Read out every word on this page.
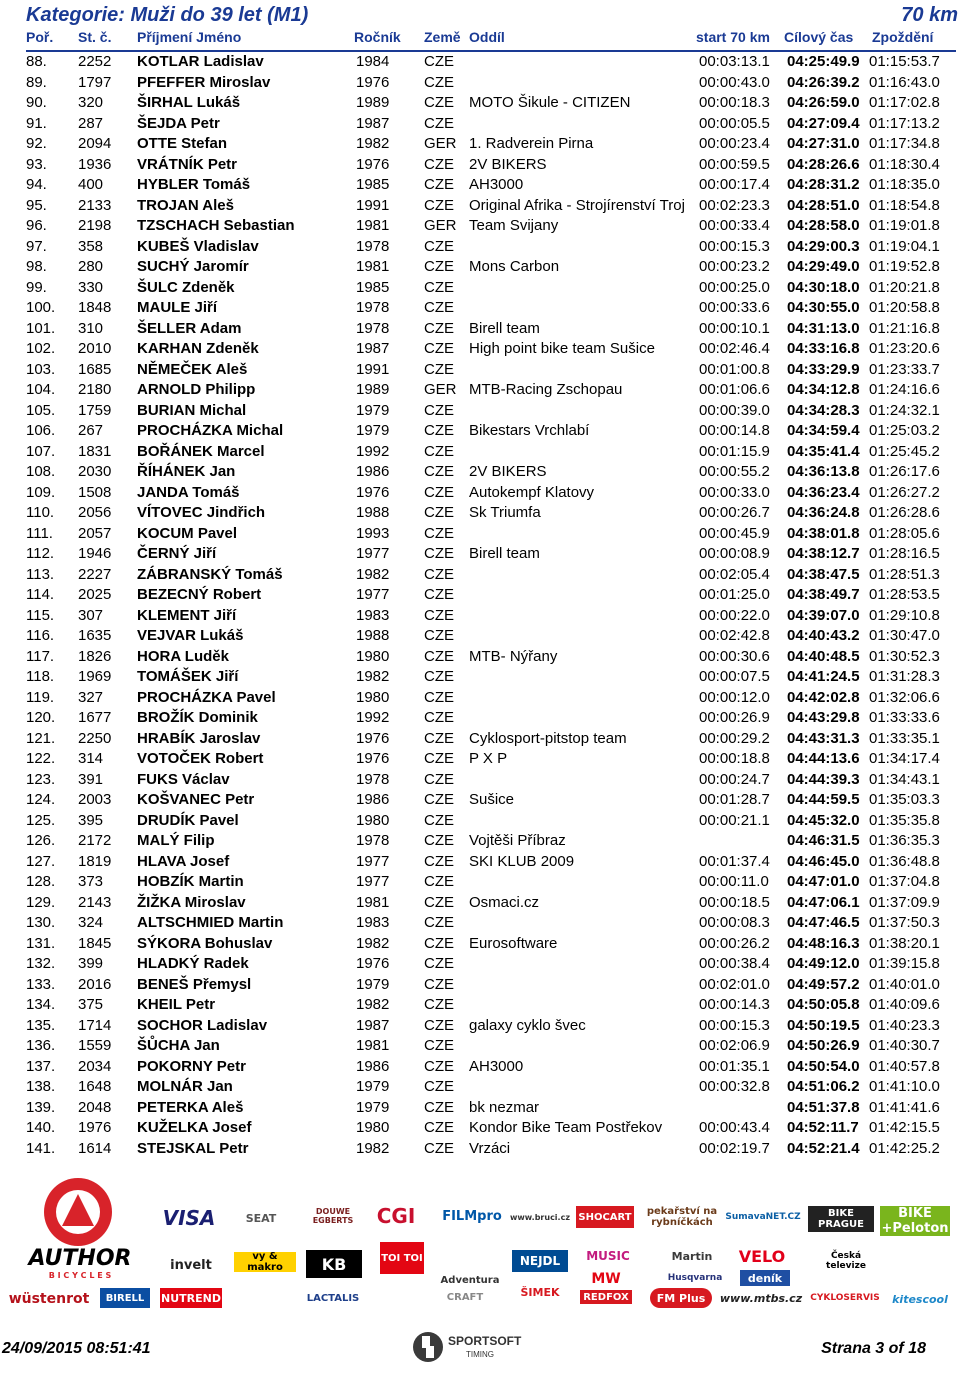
Kategorie: Muži do 39 let (M1)	70 km
Poř. St. č. Příjmení Jméno	Ročník Země Oddíl	start 70 km Cílový čas Zpoždění
88. 2252 KOTLAR Ladislav	1984 CZE	00:03:13.1 04:25:49.9 01:15:53.7
89. 1797 PFEFFER Miroslav	1976 CZE	00:00:43.0 04:26:39.2 01:16:43.0
90. 320 ŠIRHAL Lukáš	1989 CZE MOTO Šikule - CITIZEN	00:00:18.3 04:26:59.0 01:17:02.8
91. 287 ŠEJDA Petr	1987 CZE	00:00:05.5 04:27:09.4 01:17:13.2
92. 2094 OTTE Stefan	1982 GER 1. Radverein Pirna	00:00:23.4 04:27:31.0 01:17:34.8
93. 1936 VRÁTNÍK Petr	1976 CZE 2V BIKERS	00:00:59.5 04:28:26.6 01:18:30.4
94. 400 HYBLER Tomáš	1985 CZE AH3000	00:00:17.4 04:28:31.2 01:18:35.0
95. 2133 TROJAN Aleš	1991 CZE Original Afrika - Strojírenství Troj 00:02:23.3 04:28:51.0 01:18:54.8
96. 2198 TZSCHACH Sebastian	1981 GER Team Svijany	00:00:33.4 04:28:58.0 01:19:01.8
97. 358 KUBEŠ Vladislav	1978 CZE	00:00:15.3 04:29:00.3 01:19:04.1
98. 280 SUCHÝ Jaromír	1981 CZE Mons Carbon	00:00:23.2 04:29:49.0 01:19:52.8
99. 330 ŠULC Zdeněk	1985 CZE	00:00:25.0 04:30:18.0 01:20:21.8
100. 1848 MAULE Jiří	1978 CZE	00:00:33.6 04:30:55.0 01:20:58.8
101. 310 ŠELLER Adam	1978 CZE Birell team	00:00:10.1 04:31:13.0 01:21:16.8
102. 2010 KARHAN Zdeněk	1987 CZE High point bike team Sušice	00:02:46.4 04:33:16.8 01:23:20.6
103. 1685 NĚMEČEK Aleš	1991 CZE	00:01:00.8 04:33:29.9 01:23:33.7
104. 2180 ARNOLD Philipp	1989 GER MTB-Racing Zschopau	00:01:06.6 04:34:12.8 01:24:16.6
105. 1759 BURIAN Michal	1979 CZE	00:00:39.0 04:34:28.3 01:24:32.1
106. 267 PROCHÁZKA Michal	1979 CZE Bikestars Vrchlabí	00:00:14.8 04:34:59.4 01:25:03.2
107. 1831 BOŘÁNEK Marcel	1992 CZE	00:01:15.9 04:35:41.4 01:25:45.2
108. 2030 ŘÍHÁNEK Jan	1986 CZE 2V BIKERS	00:00:55.2 04:36:13.8 01:26:17.6
109. 1508 JANDA Tomáš	1976 CZE Autokempf Klatovy	00:00:33.0 04:36:23.4 01:26:27.2
110. 2056 VÍTOVEC Jindřich	1988 CZE Sk Triumfa	00:00:26.7 04:36:24.8 01:26:28.6
111. 2057 KOCUM Pavel	1993 CZE	00:00:45.9 04:38:01.8 01:28:05.6
112. 1946 ČERNÝ Jiří	1977 CZE Birell team	00:00:08.9 04:38:12.7 01:28:16.5
113. 2227 ZÁBRANSKÝ Tomáš	1982 CZE	00:02:05.4 04:38:47.5 01:28:51.3
114. 2025 BEZECNÝ Robert	1977 CZE	00:01:25.0 04:38:49.7 01:28:53.5
115. 307 KLEMENT Jiří	1983 CZE	00:00:22.0 04:39:07.0 01:29:10.8
116. 1635 VEJVAR Lukáš	1988 CZE	00:02:42.8 04:40:43.2 01:30:47.0
117. 1826 HORA Luděk	1980 CZE MTB- Nýřany	00:00:30.6 04:40:48.5 01:30:52.3
118. 1969 TOMÁŠEK Jiří	1982 CZE	00:00:07.5 04:41:24.5 01:31:28.3
119. 327 PROCHÁZKA Pavel	1980 CZE	00:00:12.0 04:42:02.8 01:32:06.6
120. 1677 BROŽÍK Dominik	1992 CZE	00:00:26.9 04:43:29.8 01:33:33.6
121. 2250 HRABÍK Jaroslav	1976 CZE Cyklosport-pitstop team	00:00:29.2 04:43:31.3 01:33:35.1
122. 314 VOTOČEK Robert	1976 CZE P X P	00:00:18.8 04:44:13.6 01:34:17.4
123. 391 FUKS Václav	1978 CZE	00:00:24.7 04:44:39.3 01:34:43.1
124. 2003 KOŠVANEC Petr	1986 CZE Sušice	00:01:28.7 04:44:59.5 01:35:03.3
125. 395 DRUDÍK Pavel	1980 CZE	00:00:21.1 04:45:32.0 01:35:35.8
126. 2172 MALÝ Filip	1978 CZE Vojtěši Příbraz	04:46:31.5 01:36:35.3
127. 1819 HLAVA Josef	1977 CZE SKI KLUB 2009	00:01:37.4 04:46:45.0 01:36:48.8
128. 373 HOBZÍK Martin	1977 CZE	00:00:11.0 04:47:01.0 01:37:04.8
129. 2143 ŽIŽKA Miroslav	1981 CZE Osmaci.cz	00:00:18.5 04:47:06.1 01:37:09.9
130. 324 ALTSCHMIED Martin	1983 CZE	00:00:08.3 04:47:46.5 01:37:50.3
131. 1845 SÝKORA Bohuslav	1982 CZE Eurosoftware	00:00:26.2 04:48:16.3 01:38:20.1
132. 399 HLADKÝ Radek	1976 CZE	00:00:38.4 04:49:12.0 01:39:15.8
133. 2016 BENEŠ Přemysl	1979 CZE	00:02:01.0 04:49:57.2 01:40:01.0
134. 375 KHEIL Petr	1982 CZE	00:00:14.3 04:50:05.8 01:40:09.6
135. 1714 SOCHOR Ladislav	1987 CZE galaxy cyklo švec	00:00:15.3 04:50:19.5 01:40:23.3
136. 1559 ŠŮCHA Jan	1981 CZE	00:02:06.9 04:50:26.9 01:40:30.7
137. 2034 POKORNY Petr	1986 CZE AH3000	00:01:35.1 04:50:54.0 01:40:57.8
138. 1648 MOLNÁR Jan	1979 CZE	00:00:32.8 04:51:06.2 01:41:10.0
139. 2048 PETERKA Aleš	1979 CZE bk nezmar	04:51:37.8 01:41:41.6
140. 1976 KUŽELKA Josef	1980 CZE Kondor Bike Team Postřekov	00:00:43.4 04:52:11.7 01:42:15.5
141. 1614 STEJSKAL Petr	1982 CZE Vrzáci	00:02:19.7 04:52:21.4 01:42:25.2
AUTHOR
B I C Y C L E S
wüstenrot
VISA	SEAT	DOUWE EGBERTS	CGI	FILMpro www.bruci.cz SHOCART pekařství na rybníčkách	SumavaNET.CZ	BIKE PRAGUE
BIKE +Peloton
invelt
vy & makro	KB	TOI TOI	NEJDL	MUSIC	Martin
Husqvarna
VELO
deník
Česká televize
BIRELL	NUTREND	LACTALIS
Adventura
CRAFT	ŠIMEK
MW
REDFOX	FM Plus	www.mtbs.cz CYKLOSERVIS	kitescool
24/09/2015 08:51:41	SPORTSOFT
TIMING	Strana 3 of 18
